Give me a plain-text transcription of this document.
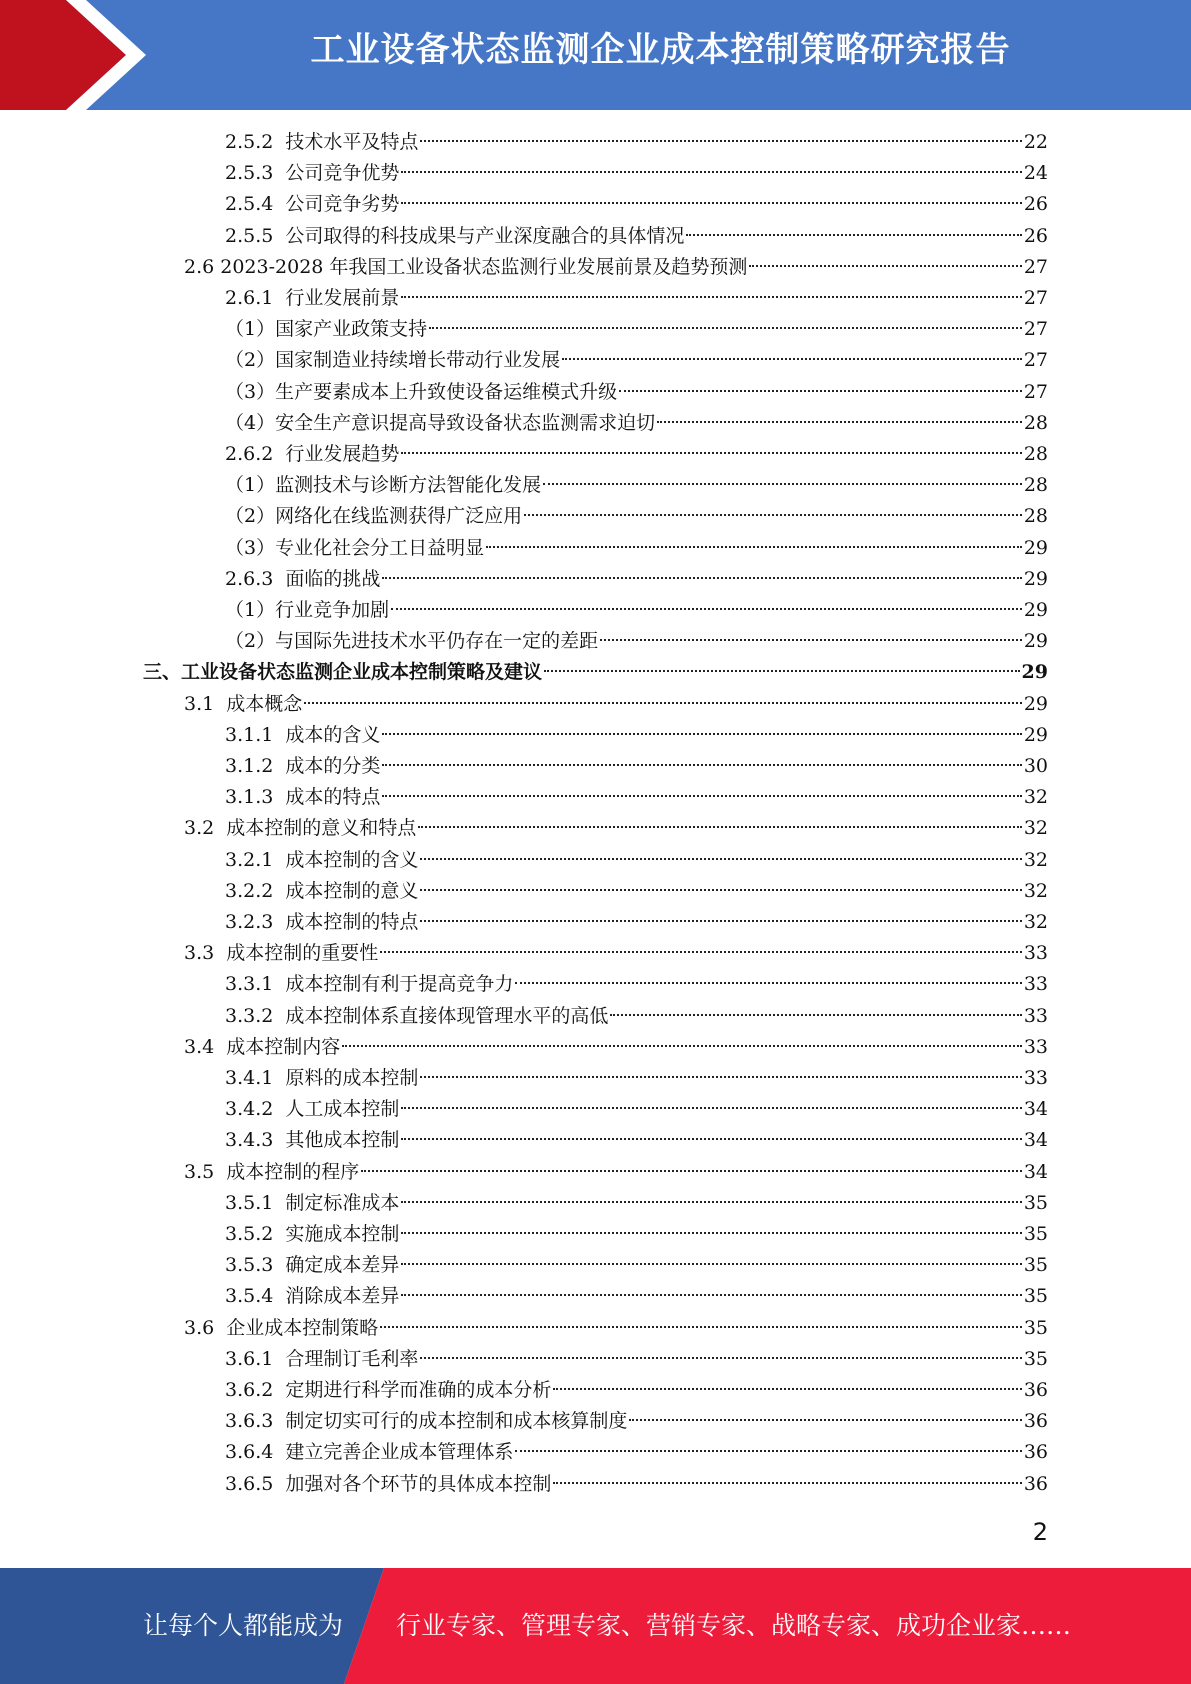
工业设备状态监测企业成本控制策略研究报告
2.5.2  技术水平及特点	22
2.5.3  公司竞争优势	24
2.5.4  公司竞争劣势	26
2.5.5  公司取得的科技成果与产业深度融合的具体情况	26
2.6 2023-2028 年我国工业设备状态监测行业发展前景及趋势预测	27
2.6.1  行业发展前景	27
（1）国家产业政策支持	27
（2）国家制造业持续增长带动行业发展	27
（3）生产要素成本上升致使设备运维模式升级	27
（4）安全生产意识提高导致设备状态监测需求迫切	28
2.6.2  行业发展趋势	28
（1）监测技术与诊断方法智能化发展	28
（2）网络化在线监测获得广泛应用	28
（3）专业化社会分工日益明显	29
2.6.3  面临的挑战	29
（1）行业竞争加剧	29
（2）与国际先进技术水平仍存在一定的差距	29
三、工业设备状态监测企业成本控制策略及建议	29
3.1  成本概念	29
3.1.1  成本的含义	29
3.1.2  成本的分类	30
3.1.3  成本的特点	32
3.2  成本控制的意义和特点	32
3.2.1  成本控制的含义	32
3.2.2  成本控制的意义	32
3.2.3  成本控制的特点	32
3.3  成本控制的重要性	33
3.3.1  成本控制有利于提高竞争力	33
3.3.2  成本控制体系直接体现管理水平的高低	33
3.4  成本控制内容	33
3.4.1  原料的成本控制	33
3.4.2  人工成本控制	34
3.4.3  其他成本控制	34
3.5  成本控制的程序	34
3.5.1  制定标准成本	35
3.5.2  实施成本控制	35
3.5.3  确定成本差异	35
3.5.4  消除成本差异	35
3.6  企业成本控制策略	35
3.6.1  合理制订毛利率	35
3.6.2  定期进行科学而准确的成本分析	36
3.6.3  制定切实可行的成本控制和成本核算制度	36
3.6.4  建立完善企业成本管理体系	36
3.6.5  加强对各个环节的具体成本控制	36
2
让每个人都能成为 行业专家、管理专家、营销专家、战略专家、成功企业家……
